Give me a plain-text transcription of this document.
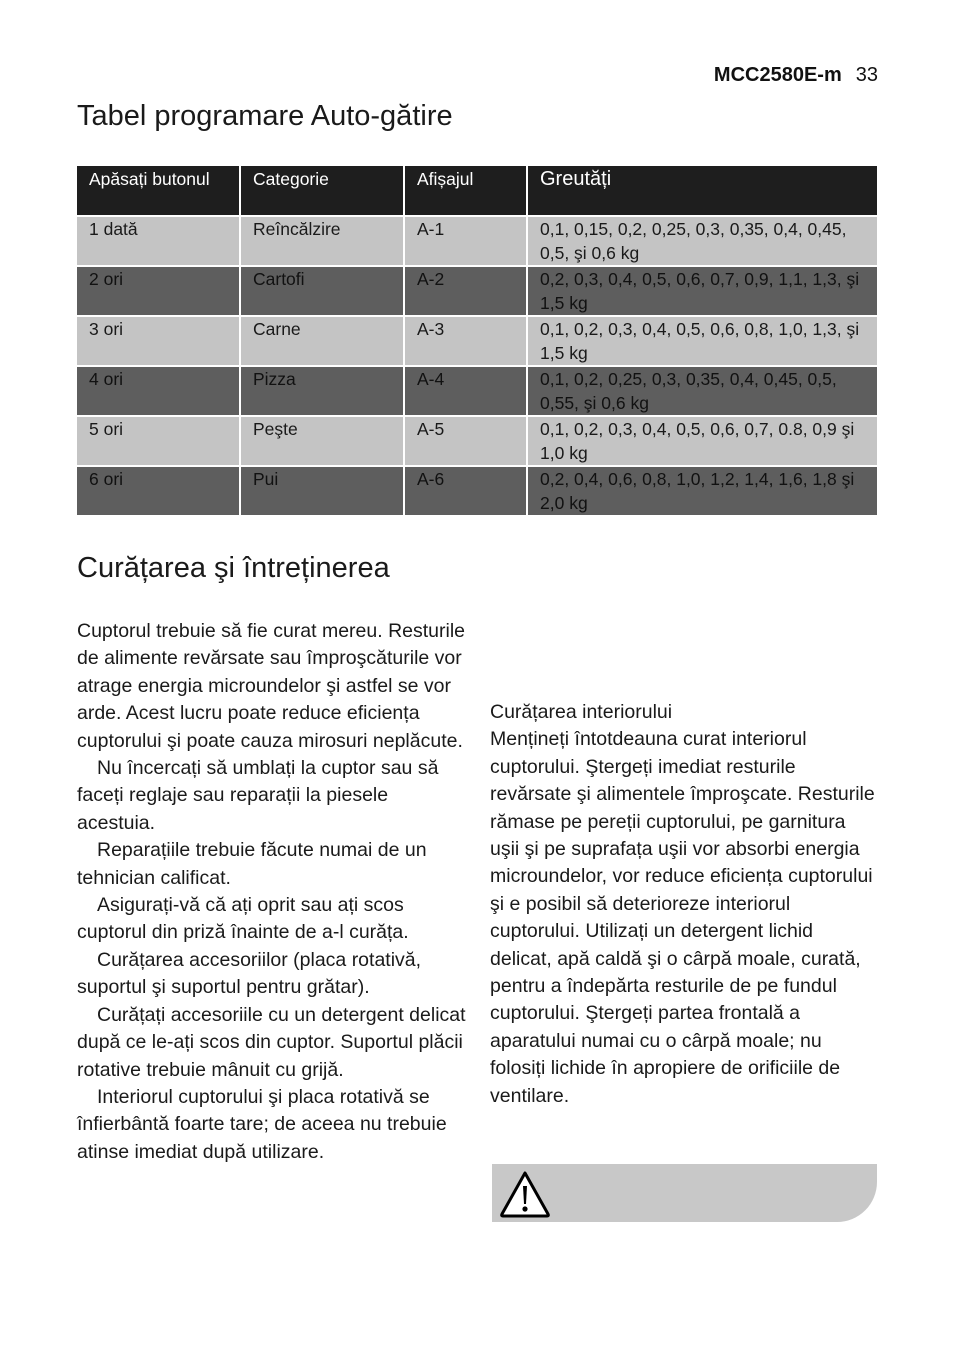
MCC2580E-m 33
Tabel programare Auto-gătire
Apăsați butonul	Categorie	Afișajul	Greutăți
1 dată	Reîncălzire	A-1	0,1, 0,15, 0,2, 0,25, 0,3, 0,35, 0,4, 0,45, 0,5, şi 0,6 kg
2 ori	Cartofi	A-2	0,2, 0,3, 0,4, 0,5, 0,6, 0,7, 0,9, 1,1, 1,3, şi 1,5 kg
3 ori	Carne	A-3	0,1, 0,2, 0,3, 0,4, 0,5, 0,6, 0,8, 1,0, 1,3, şi 1,5 kg
4 ori	Pizza	A-4	0,1, 0,2, 0,25, 0,3, 0,35, 0,4, 0,45, 0,5, 0,55, şi 0,6 kg
5 ori	Peşte	A-5	0,1, 0,2, 0,3, 0,4, 0,5, 0,6, 0,7, 0.8, 0,9 şi 1,0 kg
6 ori	Pui	A-6	0,2, 0,4, 0,6, 0,8, 1,0, 1,2, 1,4, 1,6, 1,8 şi 2,0 kg
Curățarea şi întreținerea

Cuptorul trebuie să fie curat mereu. Resturile de alimente revărsate sau împroşcăturile vor atrage energia microundelor şi astfel se vor arde. Acest lucru poate reduce eficiența cuptorului şi poate cauza mirosuri neplăcute.

Nu încercați să umblați la cuptor sau să faceți reglaje sau reparații la piesele acestuia.

Reparațiile trebuie făcute numai de un tehnician calificat.

Asigurați-vă că ați oprit sau ați scos cuptorul din priză înainte de a-l curăța.

Curățarea accesoriilor (placa rotativă, suportul şi suportul pentru grătar).

Curățați accesoriile cu un detergent delicat după ce le-ați scos din cuptor. Suportul plăcii rotative trebuie mânuit cu grijă.

Interiorul cuptorului şi placa rotativă se înfierbântă foarte tare; de aceea nu trebuie atinse imediat după utilizare.

Curățarea interiorului

Mențineți întotdeauna curat interiorul cuptorului. Ştergeți imediat resturile revărsate şi alimentele împroşcate. Resturile rămase pe pereții cuptorului, pe garnitura uşii şi pe suprafața uşii vor absorbi energia microundelor, vor reduce eficiența cuptorului şi e posibil să deterioreze interiorul cuptorului. Utilizați un detergent lichid delicat, apă caldă şi o cârpă moale, curată, pentru a îndepărta resturile de pe fundul cuptorului. Ştergeți partea frontală a aparatului numai cu o cârpă moale; nu folosiți lichide în apropiere de orificiile de ventilare.
